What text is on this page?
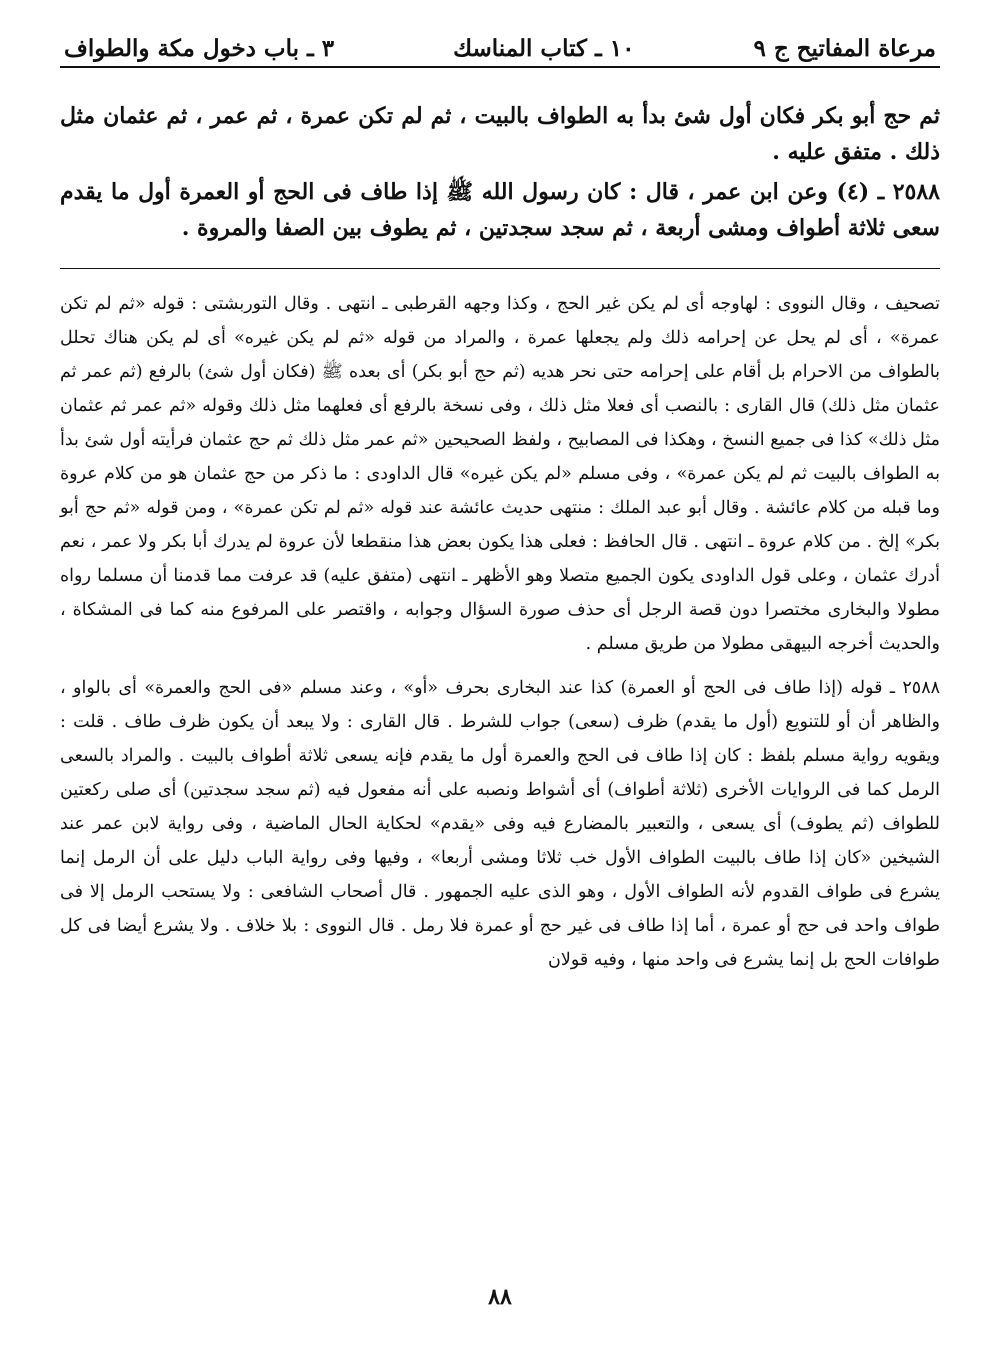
مرعاة المفاتيح ج ٩
١٠ ـ كتاب المناسك
٣ ـ باب دخول مكة والطواف

ثم حج أبو بكر فكان أول شئ بدأ به الطواف بالبيت ، ثم لم تكن عمرة ، ثم عمر ، ثم عثمان مثل ذلك . متفق عليه .

٢٥٨٨ ـ (٤) وعن ابن عمر ، قال : كان رسول الله ﷺ إذا طاف فى الحج أو العمرة أول ما يقدم سعى ثلاثة أطواف ومشى أربعة ، ثم سجد سجدتين ، ثم يطوف بين الصفا والمروة .

تصحيف ، وقال النووى : لهاوجه أى لم يكن غير الحج ، وكذا وجهه القرطبى ـ انتهى . وقال التوربشتى : قوله «ثم لم تكن عمرة» ، أى لم يحل عن إحرامه ذلك ولم يجعلها عمرة ، والمراد من قوله «ثم لم يكن غيره» أى لم يكن هناك تحلل بالطواف من الاحرام بل أقام على إحرامه حتى نحر هديه (ثم حج أبو بكر) أى بعده ﷺ (فكان أول شئ) بالرفع (ثم عمر ثم عثمان مثل ذلك) قال القارى : بالنصب أى فعلا مثل ذلك ، وفى نسخة بالرفع أى فعلهما مثل ذلك وقوله «ثم عمر ثم عثمان مثل ذلك» كذا فى جميع النسخ ، وهكذا فى المصابيح ، ولفظ الصحيحين «ثم عمر مثل ذلك ثم حج عثمان فرأيته أول شئ بدأ به الطواف بالبيت ثم لم يكن عمرة» ، وفى مسلم «لم يكن غيره» قال الداودى : ما ذكر من حج عثمان هو من كلام عروة وما قبله من كلام عائشة . وقال أبو عبد الملك : منتهى حديث عائشة عند قوله «ثم لم تكن عمرة» ، ومن قوله «ثم حج أبو بكر» إلخ . من كلام عروة ـ انتهى . قال الحافظ : فعلى هذا يكون بعض هذا منقطعا لأن عروة لم يدرك أبا بكر ولا عمر ، نعم أدرك عثمان ، وعلى قول الداودى يكون الجميع متصلا وهو الأظهر ـ انتهى (متفق عليه) قد عرفت مما قدمنا أن مسلما رواه مطولا والبخارى مختصرا دون قصة الرجل أى حذف صورة السؤال وجوابه ، واقتصر على المرفوع منه كما فى المشكاة ، والحديث أخرجه البيهقى مطولا من طريق مسلم .

٢٥٨٨ ـ قوله (إذا طاف فى الحج أو العمرة) كذا عند البخارى بحرف «أو» ، وعند مسلم «فى الحج والعمرة» أى بالواو ، والظاهر أن أو للتنويع (أول ما يقدم) ظرف (سعى) جواب للشرط . قال القارى : ولا يبعد أن يكون ظرف طاف . قلت : ويقويه رواية مسلم بلفظ : كان إذا طاف فى الحج والعمرة أول ما يقدم فإنه يسعى ثلاثة أطواف بالبيت . والمراد بالسعى الرمل كما فى الروايات الأخرى (ثلاثة أطواف) أى أشواط ونصبه على أنه مفعول فيه (ثم سجد سجدتين) أى صلى ركعتين للطواف (ثم يطوف) أى يسعى ، والتعبير بالمضارع فيه وفى «يقدم» لحكاية الحال الماضية ، وفى رواية لابن عمر عند الشيخين «كان إذا طاف بالبيت الطواف الأول خب ثلاثا ومشى أربعا» ، وفيها وفى رواية الباب دليل على أن الرمل إنما يشرع فى طواف القدوم لأنه الطواف الأول ، وهو الذى عليه الجمهور . قال أصحاب الشافعى : ولا يستحب الرمل إلا فى طواف واحد فى حج أو عمرة ، أما إذا طاف فى غير حج أو عمرة فلا رمل . قال النووى : بلا خلاف . ولا يشرع أيضا فى كل طوافات الحج بل إنما يشرع فى واحد منها ، وفيه قولان

٨٨
